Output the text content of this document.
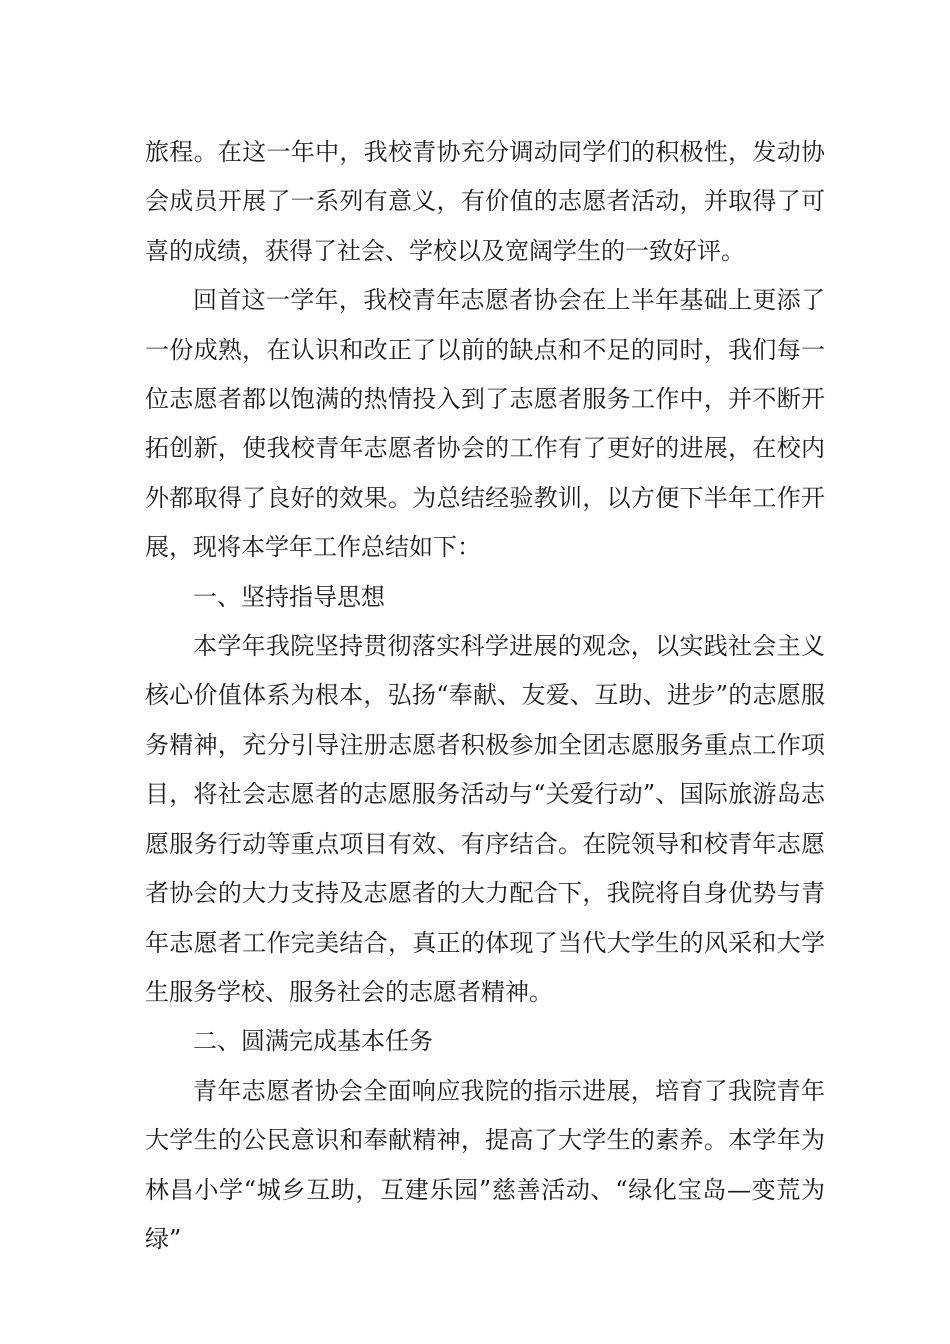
旅程。在这一年中，我校青协充分调动同学们的积极性，发动协会成员开展了一系列有意义，有价值的志愿者活动，并取得了可喜的成绩，获得了社会、学校以及宽阔学生的一致好评。

回首这一学年，我校青年志愿者协会在上半年基础上更添了一份成熟，在认识和改正了以前的缺点和不足的同时，我们每一位志愿者都以饱满的热情投入到了志愿者服务工作中，并不断开拓创新，使我校青年志愿者协会的工作有了更好的进展，在校内外都取得了良好的效果。为总结经验教训，以方便下半年工作开展，现将本学年工作总结如下：

一、坚持指导思想

本学年我院坚持贯彻落实科学进展的观念，以实践社会主义核心价值体系为根本，弘扬“奉献、友爱、互助、进步”的志愿服务精神，充分引导注册志愿者积极参加全团志愿服务重点工作项目，将社会志愿者的志愿服务活动与“关爱行动”、国际旅游岛志愿服务行动等重点项目有效、有序结合。在院领导和校青年志愿者协会的大力支持及志愿者的大力配合下，我院将自身优势与青年志愿者工作完美结合，真正的体现了当代大学生的风采和大学生服务学校、服务社会的志愿者精神。

二、圆满完成基本任务

青年志愿者协会全面响应我院的指示进展，培育了我院青年大学生的公民意识和奉献精神，提高了大学生的素养。本学年为林昌小学“城乡互助，互建乐园”慈善活动、“绿化宝岛—变荒为绿”
